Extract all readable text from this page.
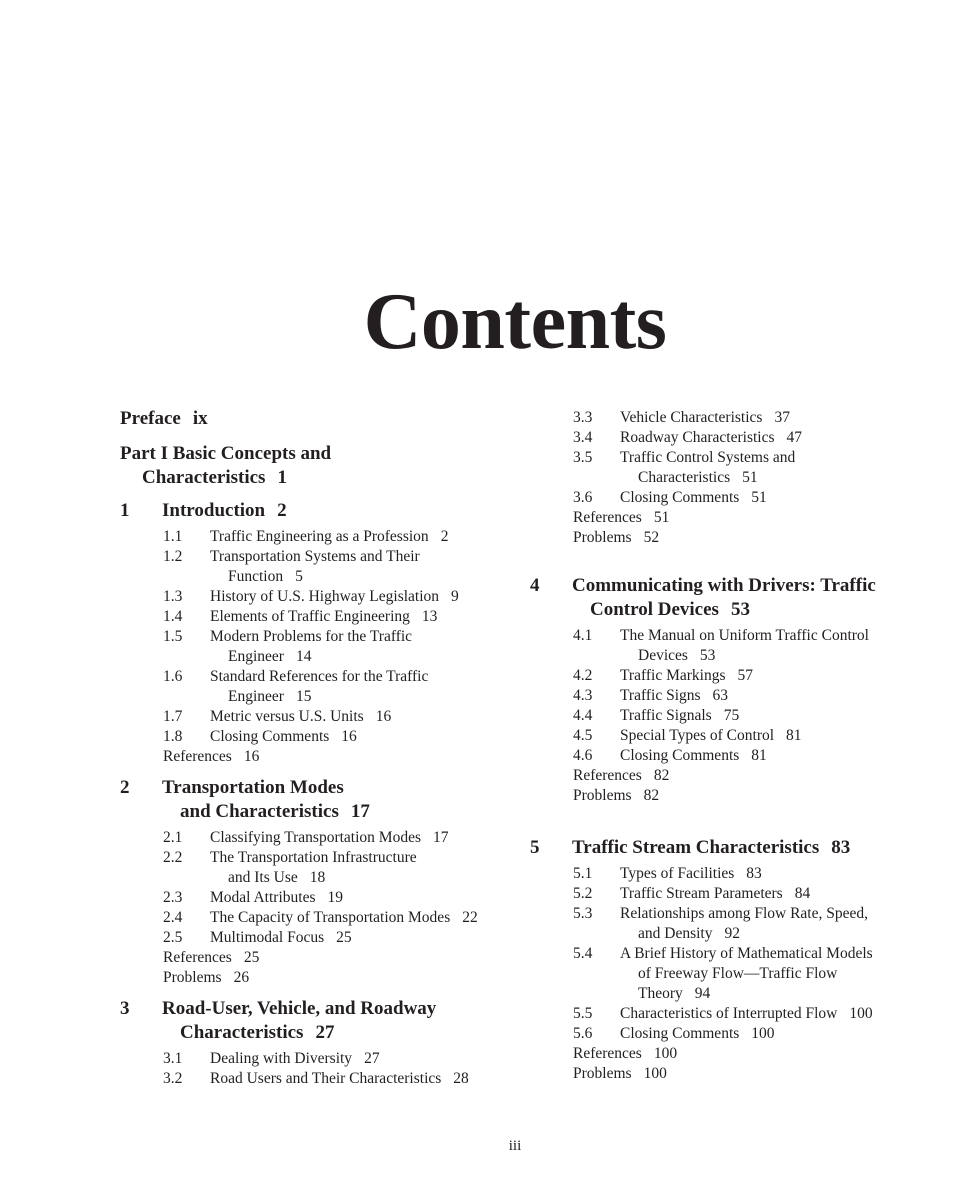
Contents
Preface ix
Part I Basic Concepts and
Characteristics 1
1	Introduction 2
1.1	Traffic Engineering as a Profession 2
1.2	Transportation Systems and Their
Function 5
1.3	History of U.S. Highway Legislation 9
1.4	Elements of Traffic Engineering 13
1.5	Modern Problems for the Traffic
Engineer 14
1.6	Standard References for the Traffic
Engineer 15
1.7	Metric versus U.S. Units 16
1.8	Closing Comments 16
References 16
2	Transportation Modes
and Characteristics 17
2.1	Classifying Transportation Modes 17
2.2	The Transportation Infrastructure
and Its Use 18
2.3	Modal Attributes 19
2.4	The Capacity of Transportation Modes 22
2.5	Multimodal Focus 25
References 25
Problems 26
3	Road-User, Vehicle, and Roadway
Characteristics 27
3.1	Dealing with Diversity 27
3.2	Road Users and Their Characteristics 28
3.3	Vehicle Characteristics 37
3.4	Roadway Characteristics 47
3.5	Traffic Control Systems and
Characteristics 51
3.6	Closing Comments 51
References 51
Problems 52
4	Communicating with Drivers: Traffic
Control Devices 53
4.1	The Manual on Uniform Traffic Control
Devices 53
4.2	Traffic Markings 57
4.3	Traffic Signs 63
4.4	Traffic Signals 75
4.5	Special Types of Control 81
4.6	Closing Comments 81
References 82
Problems 82
5	Traffic Stream Characteristics 83
5.1	Types of Facilities 83
5.2	Traffic Stream Parameters 84
5.3	Relationships among Flow Rate, Speed,
and Density 92
5.4	A Brief History of Mathematical Models
of Freeway Flow—Traffic Flow
Theory 94
5.5	Characteristics of Interrupted Flow 100
5.6	Closing Comments 100
References 100
Problems 100
iii
